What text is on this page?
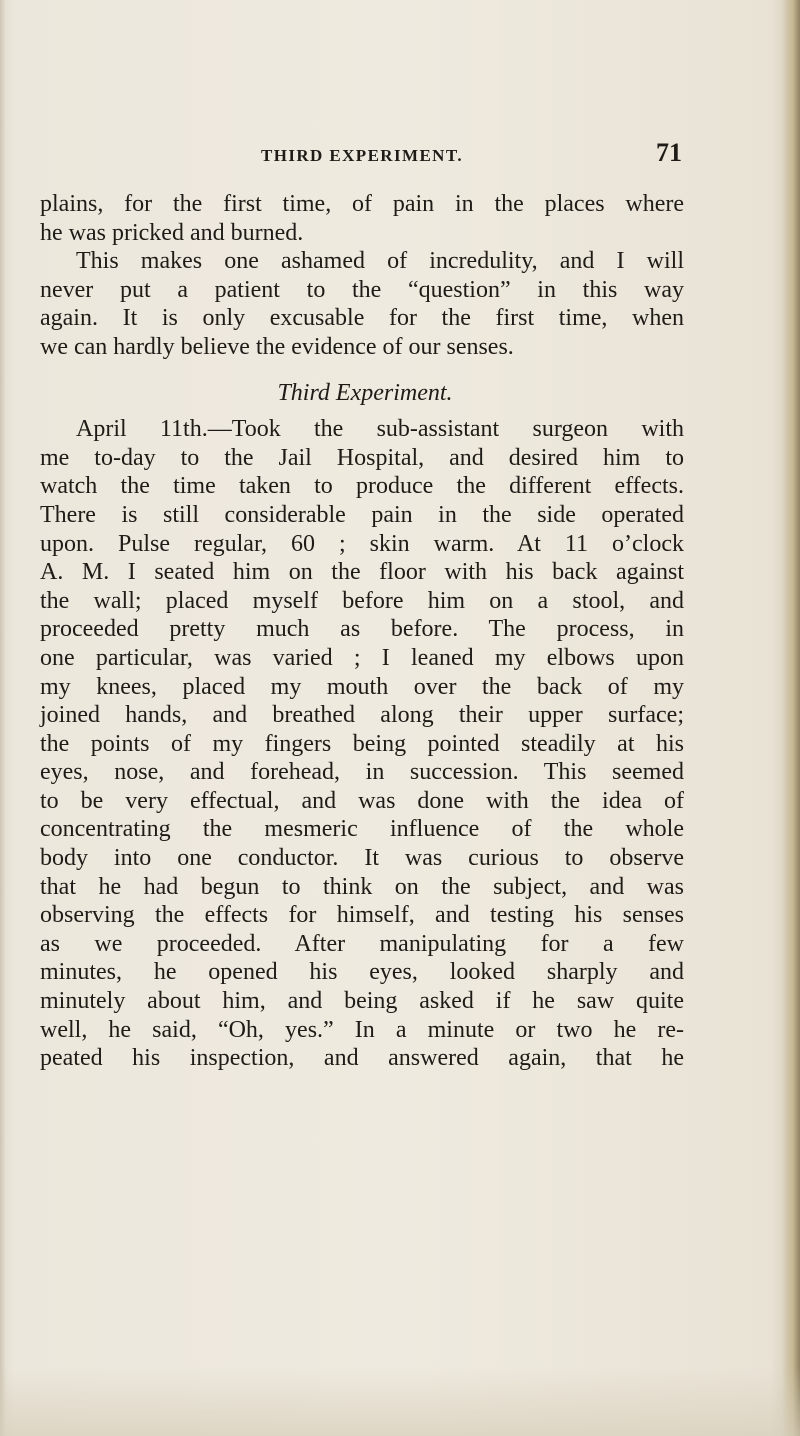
THIRD EXPERIMENT.	71
plains, for the first time, of pain in the places where
he was pricked and burned.
This makes one ashamed of incredulity, and I will
never put a patient to the “question” in this way
again. It is only excusable for the first time, when
we can hardly believe the evidence of our senses.
Third Experiment.
April 11th.—Took the sub-assistant surgeon with
me to-day to the Jail Hospital, and desired him to
watch the time taken to produce the different effects.
There is still considerable pain in the side operated
upon. Pulse regular, 60 ; skin warm. At 11 o’clock
A. M. I seated him on the floor with his back against
the wall; placed myself before him on a stool, and
proceeded pretty much as before. The process, in
one particular, was varied ; I leaned my elbows upon
my knees, placed my mouth over the back of my
joined hands, and breathed along their upper surface;
the points of my fingers being pointed steadily at his
eyes, nose, and forehead, in succession. This seemed
to be very effectual, and was done with the idea of
concentrating the mesmeric influence of the whole
body into one conductor. It was curious to observe
that he had begun to think on the subject, and was
observing the effects for himself, and testing his senses
as we proceeded. After manipulating for a few
minutes, he opened his eyes, looked sharply and
minutely about him, and being asked if he saw quite
well, he said, “Oh, yes.” In a minute or two he re-
peated his inspection, and answered again, that he
